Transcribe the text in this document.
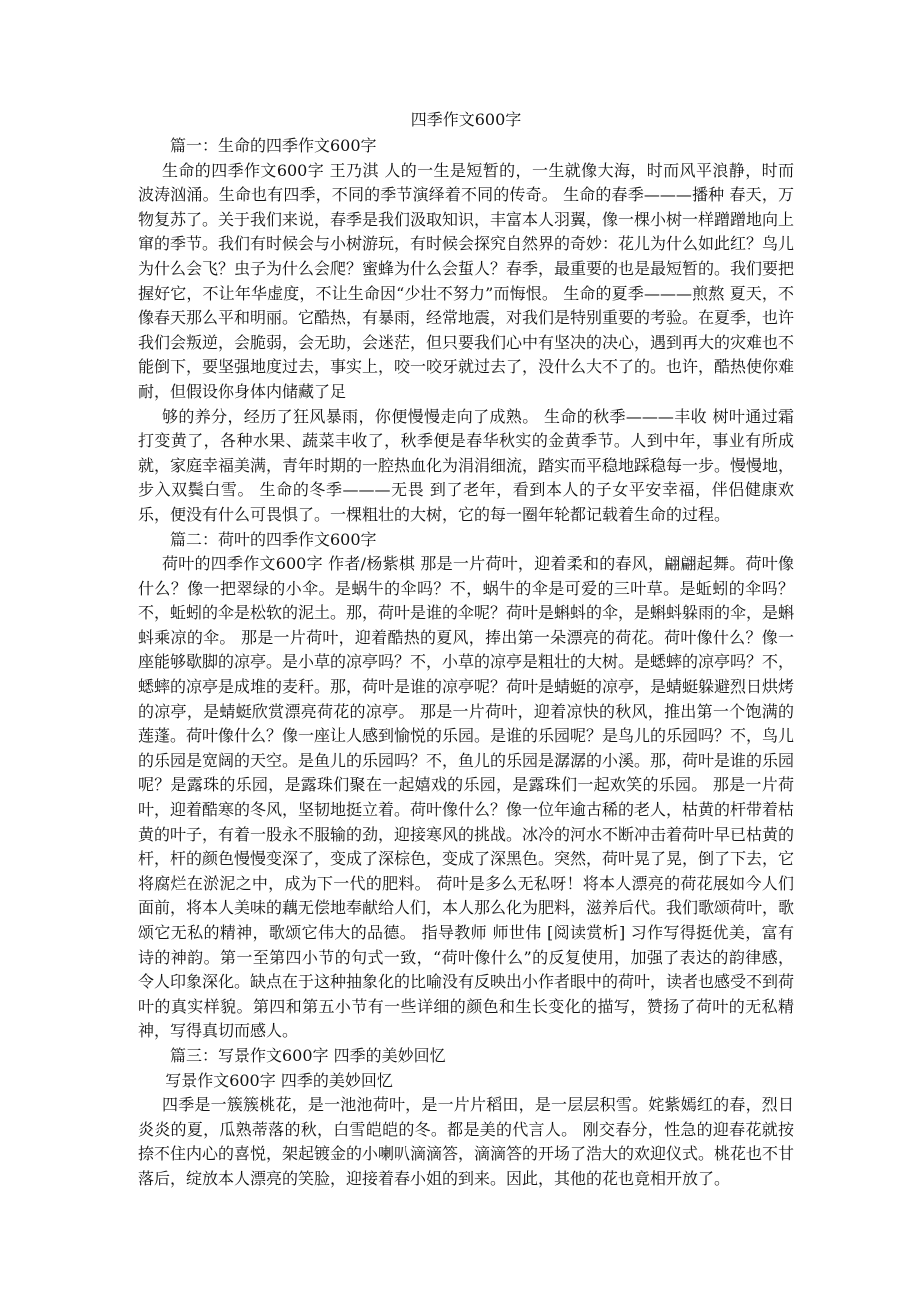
四季作文600字

篇一：生命的四季作文600字

生命的四季作文600字 王乃淇 人的一生是短暂的，一生就像大海，时而风平浪静，时而波涛汹涌。生命也有四季，不同的季节演绎着不同的传奇。 生命的春季———播种 春天，万物复苏了。关于我们来说，春季是我们汲取知识，丰富本人羽翼，像一棵小树一样蹭蹭地向上窜的季节。我们有时候会与小树游玩，有时候会探究自然界的奇妙：花儿为什么如此红？鸟儿为什么会飞？虫子为什么会爬？蜜蜂为什么会蜇人？春季，最重要的也是最短暂的。我们要把握好它，不让年华虚度，不让生命因“少壮不努力”而悔恨。 生命的夏季———煎熬 夏天，不像春天那么平和明丽。它酷热，有暴雨，经常地震，对我们是特别重要的考验。在夏季，也许我们会叛逆，会脆弱，会无助，会迷茫，但只要我们心中有坚决的决心，遇到再大的灾难也不能倒下，要坚强地度过去，事实上，咬一咬牙就过去了，没什么大不了的。也许，酷热使你难耐，但假设你身体内储藏了足

够的养分，经历了狂风暴雨，你便慢慢走向了成熟。 生命的秋季———丰收 树叶通过霜打变黄了，各种水果、蔬菜丰收了，秋季便是春华秋实的金黄季节。人到中年，事业有所成就，家庭幸福美满，青年时期的一腔热血化为涓涓细流，踏实而平稳地踩稳每一步。慢慢地，步入双鬓白雪。 生命的冬季———无畏 到了老年，看到本人的子女平安幸福，伴侣健康欢乐，便没有什么可畏惧了。一棵粗壮的大树，它的每一圈年轮都记载着生命的过程。

篇二：荷叶的四季作文600字

荷叶的四季作文600字 作者/杨紫棋 那是一片荷叶，迎着柔和的春风，翩翩起舞。荷叶像什么？像一把翠绿的小伞。是蜗牛的伞吗？不，蜗牛的伞是可爱的三叶草。是蚯蚓的伞吗？不，蚯蚓的伞是松软的泥土。那，荷叶是谁的伞呢？荷叶是蝌蚪的伞，是蝌蚪躲雨的伞，是蝌蚪乘凉的伞。 那是一片荷叶，迎着酷热的夏风，捧出第一朵漂亮的荷花。荷叶像什么？像一座能够歇脚的凉亭。是小草的凉亭吗？不，小草的凉亭是粗壮的大树。是蟋蟀的凉亭吗？不，蟋蟀的凉亭是成堆的麦秆。那，荷叶是谁的凉亭呢？荷叶是蜻蜓的凉亭，是蜻蜓躲避烈日烘烤的凉亭，是蜻蜓欣赏漂亮荷花的凉亭。 那是一片荷叶，迎着凉快的秋风，推出第一个饱满的莲蓬。荷叶像什么？像一座让人感到愉悦的乐园。是谁的乐园呢？是鸟儿的乐园吗？不，鸟儿的乐园是宽阔的天空。是鱼儿的乐园吗？不，鱼儿的乐园是潺潺的小溪。那，荷叶是谁的乐园呢？是露珠的乐园，是露珠们聚在一起嬉戏的乐园，是露珠们一起欢笑的乐园。 那是一片荷叶，迎着酷寒的冬风，坚韧地挺立着。荷叶像什么？像一位年逾古稀的老人，枯黄的杆带着枯黄的叶子，有着一股永不服输的劲，迎接寒风的挑战。冰冷的河水不断冲击着荷叶早已枯黄的杆，杆的颜色慢慢变深了，变成了深棕色，变成了深黑色。突然，荷叶晃了晃，倒了下去，它将腐烂在淤泥之中，成为下一代的肥料。 荷叶是多么无私呀！将本人漂亮的荷花展如今人们面前，将本人美味的藕无偿地奉献给人们，本人那么化为肥料，滋养后代。我们歌颂荷叶，歌颂它无私的精神，歌颂它伟大的品德。 指导教师 师世伟 [阅读赏析] 习作写得挺优美，富有诗的神韵。第一至第四小节的句式一致，“荷叶像什么”的反复使用，加强了表达的韵律感，令人印象深化。缺点在于这种抽象化的比喻没有反映出小作者眼中的荷叶，读者也感受不到荷叶的真实样貌。第四和第五小节有一些详细的颜色和生长变化的描写，赞扬了荷叶的无私精神，写得真切而感人。

篇三：写景作文600字 四季的美妙回忆

写景作文600字 四季的美妙回忆

四季是一簇簇桃花，是一池池荷叶，是一片片稻田，是一层层积雪。姹紫嫣红的春，烈日炎炎的夏，瓜熟蒂落的秋，白雪皑皑的冬。都是美的代言人。 刚交春分，性急的迎春花就按捺不住内心的喜悦，架起镀金的小喇叭滴滴答，滴滴答的开场了浩大的欢迎仪式。桃花也不甘落后，绽放本人漂亮的笑脸，迎接着春小姐的到来。因此，其他的花也竟相开放了。
